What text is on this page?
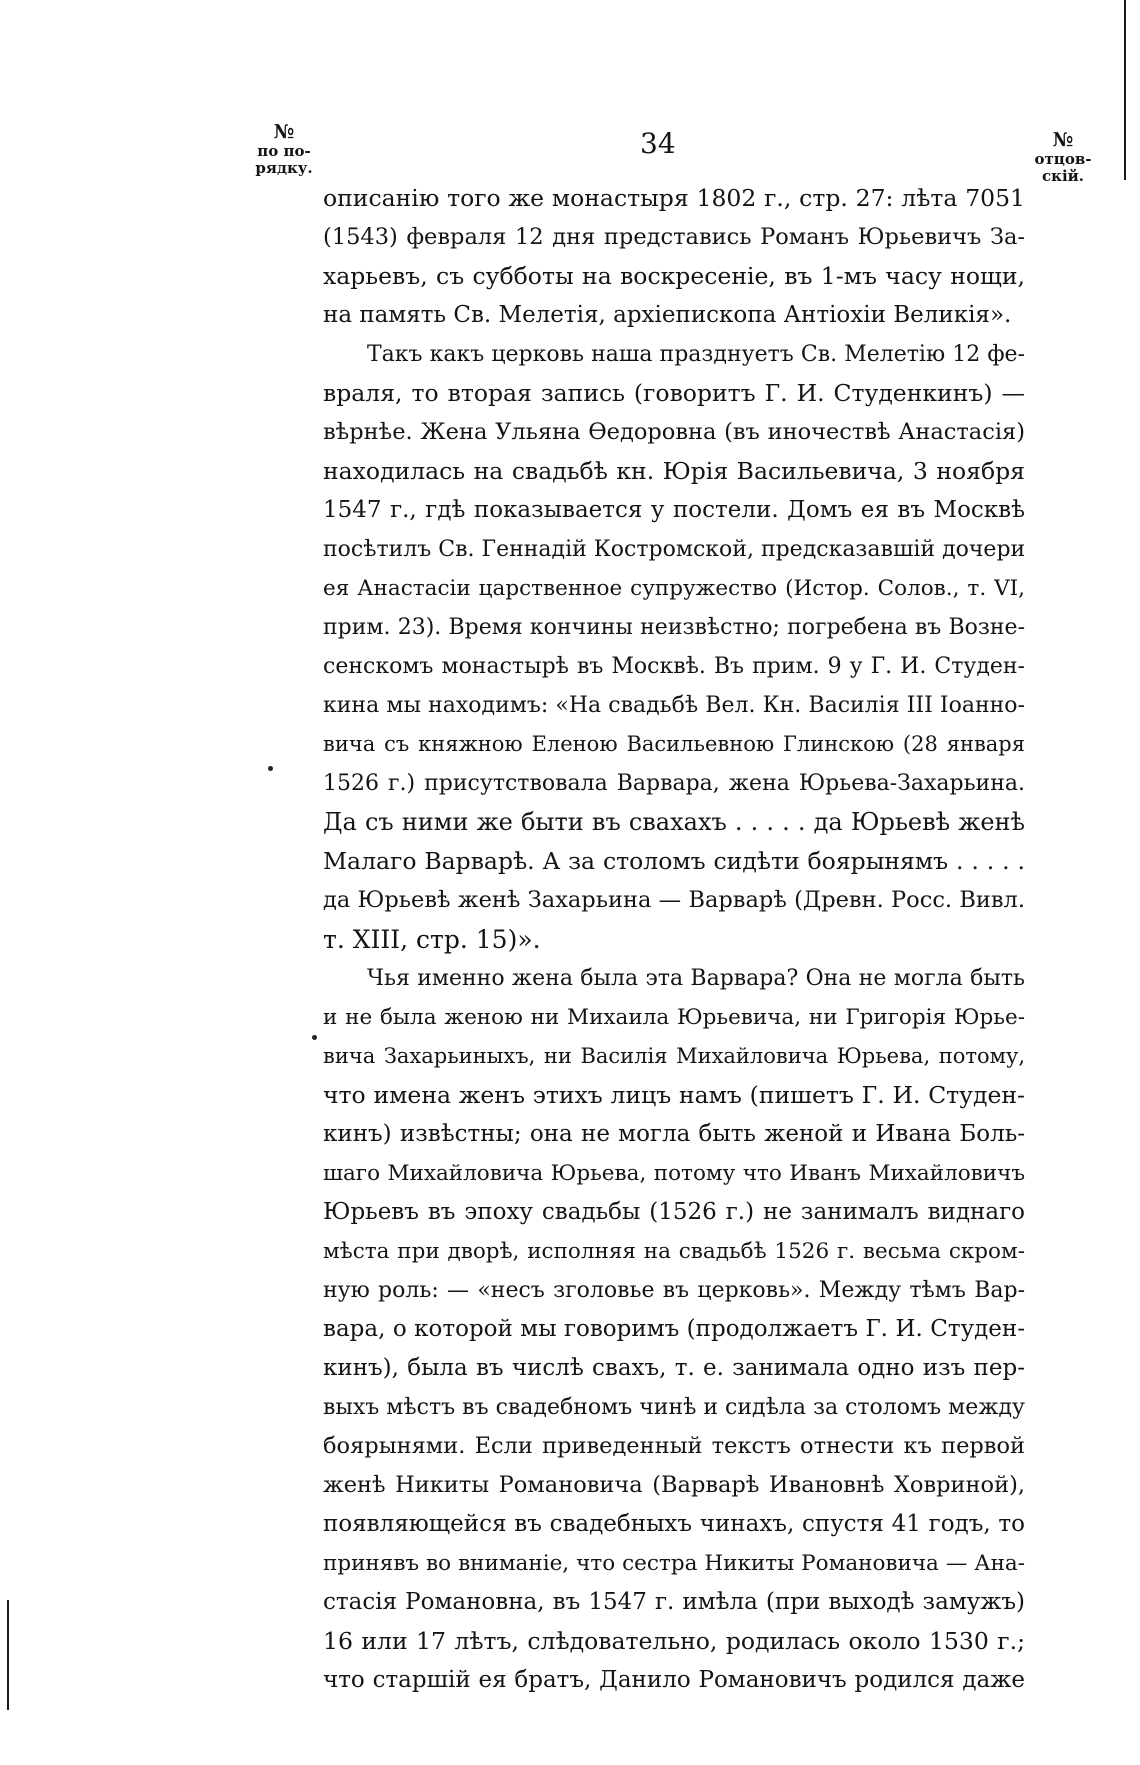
№
по по-
рядку.
34	№
отцов-
скій.
описанію того же монастыря 1802 г., стр. 27: лѣта 7051
(1543) февраля 12 дня представись Романъ Юрьевичъ За-
харьевъ, съ субботы на воскресеніе, въ 1-мъ часу нощи,
на память Св. Мелетія, архіепископа Антіохіи Великія».
Такъ какъ церковь наша празднуетъ Св. Мелетію 12 фе-
враля, то вторая запись (говоритъ Г. И. Студенкинъ) —
вѣрнѣе. Жена Ульяна Ѳедоровна (въ иночествѣ Анастасія)
находилась на свадьбѣ кн. Юрія Васильевича, 3 ноября
1547 г., гдѣ показывается у постели. Домъ ея въ Москвѣ
посѣтилъ Св. Геннадій Костромской, предсказавшій дочери
ея Анастасіи царственное супружество (Истор. Солов., т. VI,
прим. 23). Время кончины неизвѣстно; погребена въ Возне-
сенскомъ монастырѣ въ Москвѣ. Въ прим. 9 у Г. И. Студен-
кина мы находимъ: «На свадьбѣ Вел. Кн. Василія III Іоанно-
вича съ княжною Еленою Васильевною Глинскою (28 января
1526 г.) присутствовала Варвара, жена Юрьева-Захарьина.
Да съ ними же быти въ свахахъ . . . . . да Юрьевѣ женѣ
Малаго Варварѣ. А за столомъ сидѣти боярынямъ . . . . .
да Юрьевѣ женѣ Захарьина — Варварѣ (Древн. Росс. Вивл.
т. XIII, стр. 15)».
Чья именно жена была эта Варвара? Она не могла быть
и не была женою ни Михаила Юрьевича, ни Григорія Юрье-
вича Захарьиныхъ, ни Василія Михайловича Юрьева, потому,
что имена женъ этихъ лицъ намъ (пишетъ Г. И. Студен-
кинъ) извѣстны; она не могла быть женой и Ивана Боль-
шаго Михайловича Юрьева, потому что Иванъ Михайловичъ
Юрьевъ въ эпоху свадьбы (1526 г.) не занималъ виднаго
мѣста при дворѣ, исполняя на свадьбѣ 1526 г. весьма скром-
ную роль: — «несъ зголовье въ церковь». Между тѣмъ Вар-
вара, о которой мы говоримъ (продолжаетъ Г. И. Студен-
кинъ), была въ числѣ свахъ, т. е. занимала одно изъ пер-
выхъ мѣстъ въ свадебномъ чинѣ и сидѣла за столомъ между
боярынями. Если приведенный текстъ отнести къ первой
женѣ Никиты Романовича (Варварѣ Ивановнѣ Ховриной),
появляющейся въ свадебныхъ чинахъ, спустя 41 годъ, то
принявъ во вниманіе, что сестра Никиты Романовича — Ана-
стасія Романовна, въ 1547 г. имѣла (при выходѣ замужъ)
16 или 17 лѣтъ, слѣдовательно, родилась около 1530 г.;
что старшій ея братъ, Данило Романовичъ родился даже
